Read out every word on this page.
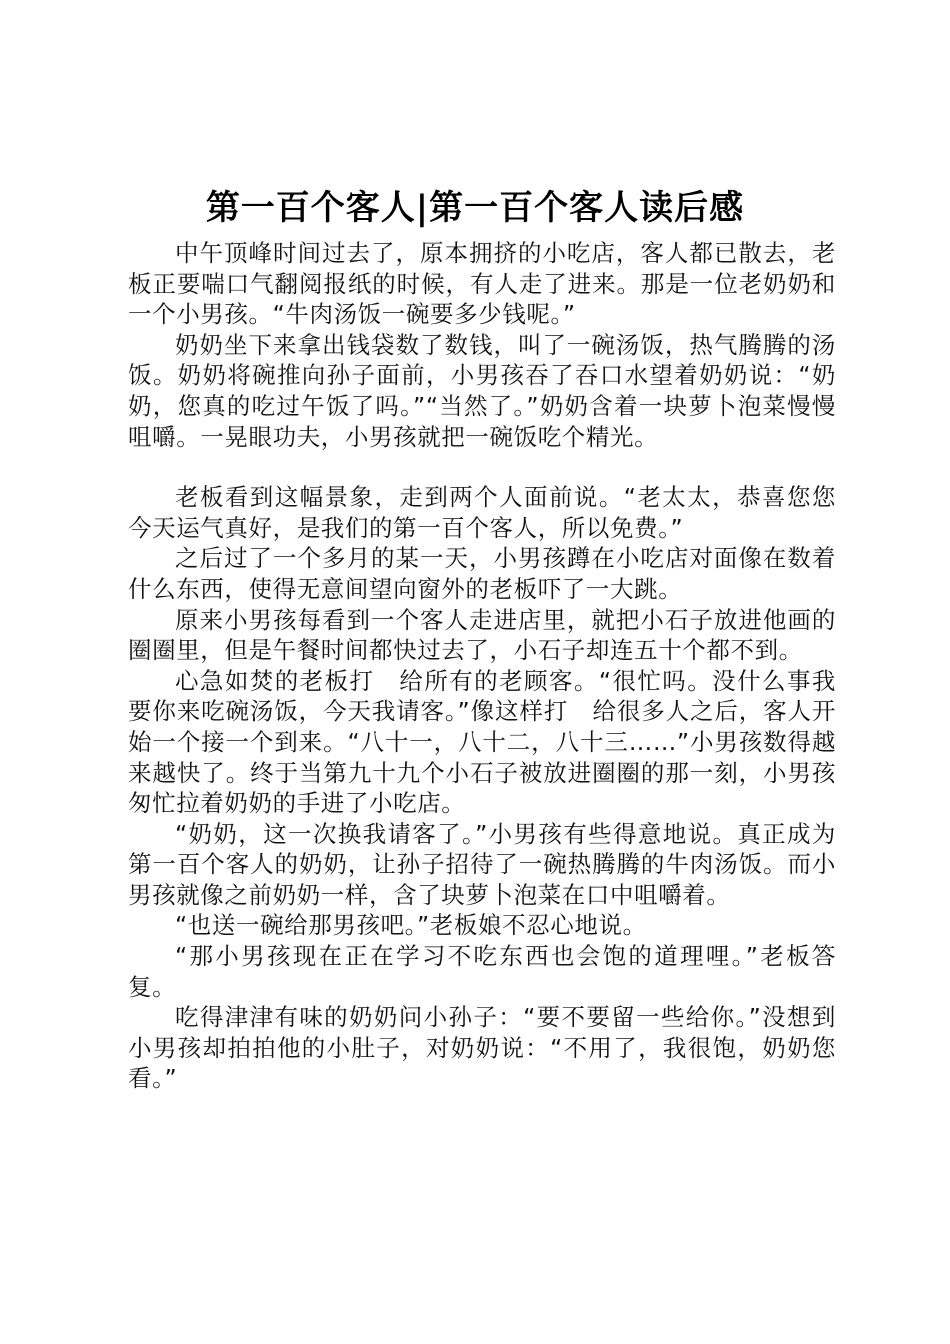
第一百个客人|第一百个客人读后感

中午顶峰时间过去了，原本拥挤的小吃店，客人都已散去，老板正要喘口气翻阅报纸的时候，有人走了进来。那是一位老奶奶和一个小男孩。“牛肉汤饭一碗要多少钱呢。”

奶奶坐下来拿出钱袋数了数钱，叫了一碗汤饭，热气腾腾的汤饭。奶奶将碗推向孙子面前，小男孩吞了吞口水望着奶奶说：“奶奶，您真的吃过午饭了吗。”“当然了。”奶奶含着一块萝卜泡菜慢慢咀嚼。一晃眼功夫，小男孩就把一碗饭吃个精光。

老板看到这幅景象，走到两个人面前说。“老太太，恭喜您您今天运气真好，是我们的第一百个客人，所以免费。”

之后过了一个多月的某一天，小男孩蹲在小吃店对面像在数着什么东西，使得无意间望向窗外的老板吓了一大跳。

原来小男孩每看到一个客人走进店里，就把小石子放进他画的圈圈里，但是午餐时间都快过去了，小石子却连五十个都不到。

心急如焚的老板打　给所有的老顾客。“很忙吗。没什么事我要你来吃碗汤饭，今天我请客。”像这样打　给很多人之后，客人开始一个接一个到来。“八十一，八十二，八十三……”小男孩数得越来越快了。终于当第九十九个小石子被放进圈圈的那一刻，小男孩匆忙拉着奶奶的手进了小吃店。

“奶奶，这一次换我请客了。”小男孩有些得意地说。真正成为第一百个客人的奶奶，让孙子招待了一碗热腾腾的牛肉汤饭。而小男孩就像之前奶奶一样，含了块萝卜泡菜在口中咀嚼着。

“也送一碗给那男孩吧。”老板娘不忍心地说。

“那小男孩现在正在学习不吃东西也会饱的道理哩。”老板答复。

吃得津津有味的奶奶问小孙子：“要不要留一些给你。”没想到小男孩却拍拍他的小肚子，对奶奶说：“不用了，我很饱，奶奶您看。”
